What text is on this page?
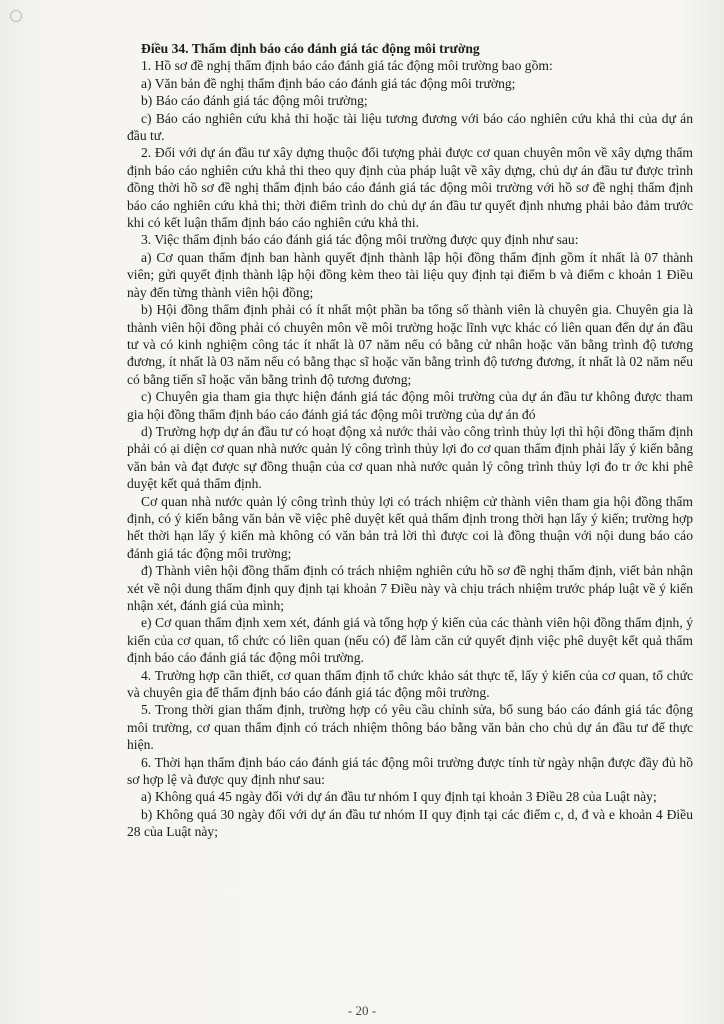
Điều 34. Thẩm định báo cáo đánh giá tác động môi trường

1. Hồ sơ đề nghị thẩm định báo cáo đánh giá tác động môi trường bao gồm:

a) Văn bản đề nghị thẩm định báo cáo đánh giá tác động môi trường;

b) Báo cáo đánh giá tác động môi trường;

c) Báo cáo nghiên cứu khả thi hoặc tài liệu tương đương với báo cáo nghiên cứu khả thi của dự án đầu tư.

2. Đối với dự án đầu tư xây dựng thuộc đối tượng phải được cơ quan chuyên môn về xây dựng thẩm định báo cáo nghiên cứu khả thi theo quy định của pháp luật về xây dựng, chủ dự án đầu tư được trình đồng thời hồ sơ đề nghị thẩm định báo cáo đánh giá tác động môi trường với hồ sơ đề nghị thẩm định báo cáo nghiên cứu khả thi; thời điểm trình do chủ dự án đầu tư quyết định nhưng phải bảo đảm trước khi có kết luận thẩm định báo cáo nghiên cứu khả thi.

3. Việc thẩm định báo cáo đánh giá tác động môi trường được quy định như sau:

a) Cơ quan thẩm định ban hành quyết định thành lập hội đồng thẩm định gồm ít nhất là 07 thành viên; gửi quyết định thành lập hội đồng kèm theo tài liệu quy định tại điểm b và điểm c khoản 1 Điều này đến từng thành viên hội đồng;

b) Hội đồng thẩm định phải có ít nhất một phần ba tổng số thành viên là chuyên gia. Chuyên gia là thành viên hội đồng phải có chuyên môn về môi trường hoặc lĩnh vực khác có liên quan đến dự án đầu tư và có kinh nghiệm công tác ít nhất là 07 năm nếu có bằng cử nhân hoặc văn bằng trình độ tương đương, ít nhất là 03 năm nếu có bằng thạc sĩ hoặc văn bằng trình độ tương đương, ít nhất là 02 năm nếu có bằng tiến sĩ hoặc văn bằng trình độ tương đương;

c) Chuyên gia tham gia thực hiện đánh giá tác động môi trường của dự án đầu tư không được tham gia hội đồng thẩm định báo cáo đánh giá tác động môi trường của dự án đó

d) Trường hợp dự án đầu tư có hoạt động xả nước thải vào công trình thủy lợi thì hội đồng thẩm định phải có ại diện cơ quan nhà nước quản lý công trình thủy lợi đo cơ quan thẩm định phải lấy ý kiến bằng văn bản và đạt được sự đồng thuận của cơ quan nhà nước quản lý công trình thủy lợi đo tr ớc khi phê duyệt kết quả thẩm định.

Cơ quan nhà nước quản lý công trình thủy lợi có trách nhiệm cử thành viên tham gia hội đồng thẩm định, có ý kiến bằng văn bản về việc phê duyệt kết quả thẩm định trong thời hạn lấy ý kiến; trường hợp hết thời hạn lấy ý kiến mà không có văn bản trả lời thì được coi là đồng thuận với nội dung báo cáo đánh giá tác động môi trường;

đ) Thành viên hội đồng thẩm định có trách nhiệm nghiên cứu hồ sơ đề nghị thẩm định, viết bản nhận xét về nội dung thẩm định quy định tại khoản 7 Điều này và chịu trách nhiệm trước pháp luật về ý kiến nhận xét, đánh giá của mình;

e) Cơ quan thẩm định xem xét, đánh giá và tổng hợp ý kiến của các thành viên hội đồng thẩm định, ý kiến của cơ quan, tổ chức có liên quan (nếu có) để làm căn cứ quyết định việc phê duyệt kết quả thẩm định báo cáo đánh giá tác động môi trường.

4. Trường hợp cần thiết, cơ quan thẩm định tổ chức khảo sát thực tế, lấy ý kiến của cơ quan, tổ chức và chuyên gia để thẩm định báo cáo đánh giá tác động môi trường.

5. Trong thời gian thẩm định, trường hợp có yêu cầu chỉnh sửa, bổ sung báo cáo đánh giá tác động môi trường, cơ quan thẩm định có trách nhiệm thông báo bằng văn bản cho chủ dự án đầu tư để thực hiện.

6. Thời hạn thẩm định báo cáo đánh giá tác động môi trường được tính từ ngày nhận được đầy đủ hồ sơ hợp lệ và được quy định như sau:

a) Không quá 45 ngày đối với dự án đầu tư nhóm I quy định tại khoản 3 Điều 28 của Luật này;

b) Không quá 30 ngày đối với dự án đầu tư nhóm II quy định tại các điểm c, d, đ và e khoản 4 Điều 28 của Luật này;

- 20 -
